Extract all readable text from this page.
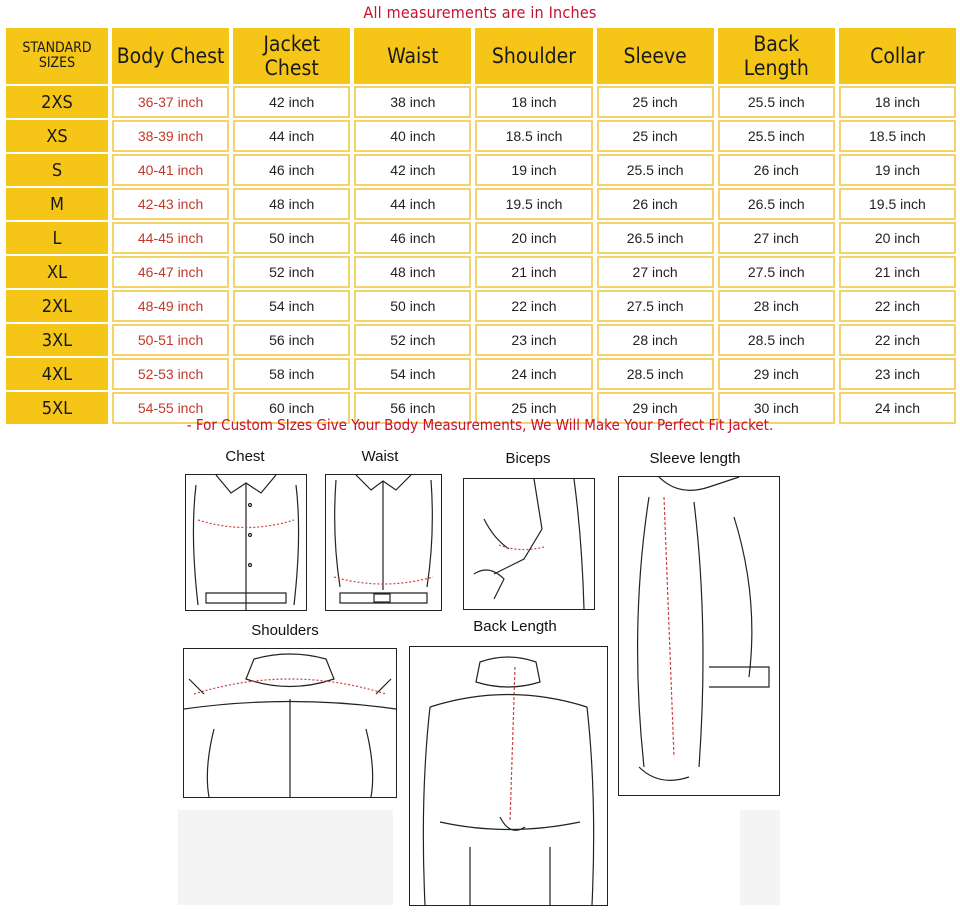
All measurements are in Inches
STANDARD SIZES	Body Chest	Jacket Chest	Waist	Shoulder	Sleeve	Back Length	Collar
2XS	36-37 inch	42 inch	38 inch	18 inch	25 inch	25.5 inch	18 inch
XS	38-39 inch	44 inch	40 inch	18.5 inch	25 inch	25.5 inch	18.5 inch
S	40-41 inch	46 inch	42 inch	19 inch	25.5 inch	26 inch	19 inch
M	42-43 inch	48 inch	44 inch	19.5 inch	26 inch	26.5 inch	19.5 inch
L	44-45 inch	50 inch	46 inch	20 inch	26.5 inch	27 inch	20 inch
XL	46-47 inch	52 inch	48 inch	21 inch	27 inch	27.5 inch	21 inch
2XL	48-49 inch	54 inch	50 inch	22 inch	27.5 inch	28 inch	22 inch
3XL	50-51 inch	56 inch	52 inch	23 inch	28 inch	28.5 inch	22 inch
4XL	52-53 inch	58 inch	54 inch	24 inch	28.5 inch	29 inch	23 inch
5XL	54-55 inch	60 inch	56 inch	25 inch	29 inch	30 inch	24 inch
- For Custom SIzes Give Your Body Measurements, We Will Make Your Perfect Fit Jacket.
Chest	Waist	Biceps	Sleeve length
Shoulders	Back Length
